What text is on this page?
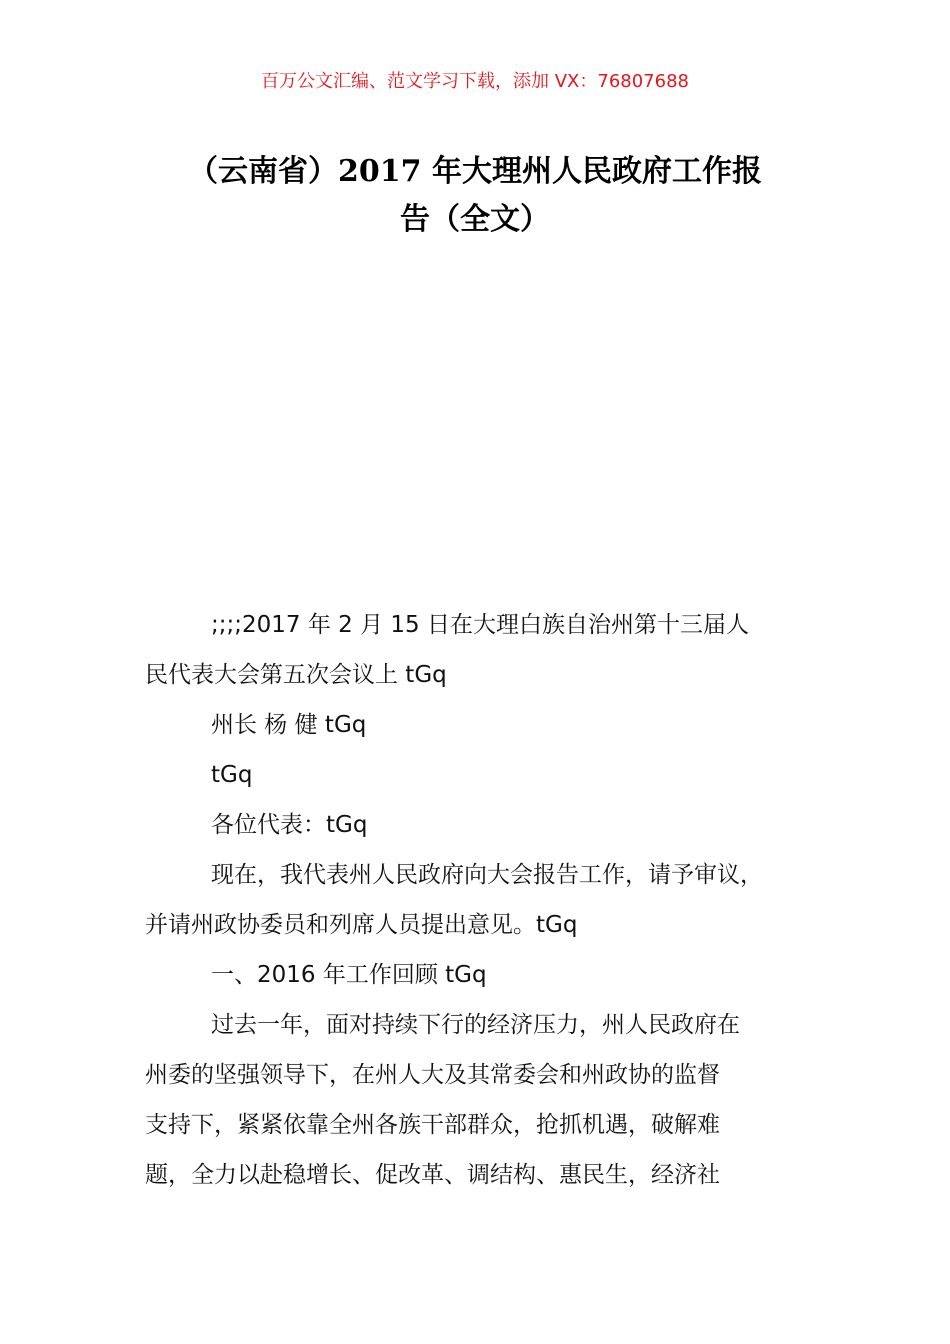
百万公文汇编、范文学习下载，添加 VX：76807688
（云南省）2017 年大理州人民政府工作报
告（全文）
;;;;2017 年 2 月 15 日在大理白族自治州第十三届人
民代表大会第五次会议上 tGq
州长 杨 健 tGq
tGq
各位代表：tGq
现在，我代表州人民政府向大会报告工作，请予审议，
并请州政协委员和列席人员提出意见。tGq
一、2016 年工作回顾 tGq
过去一年，面对持续下行的经济压力，州人民政府在
州委的坚强领导下，在州人大及其常委会和州政协的监督
支持下，紧紧依靠全州各族干部群众，抢抓机遇，破解难
题，全力以赴稳增长、促改革、调结构、惠民生，经济社
